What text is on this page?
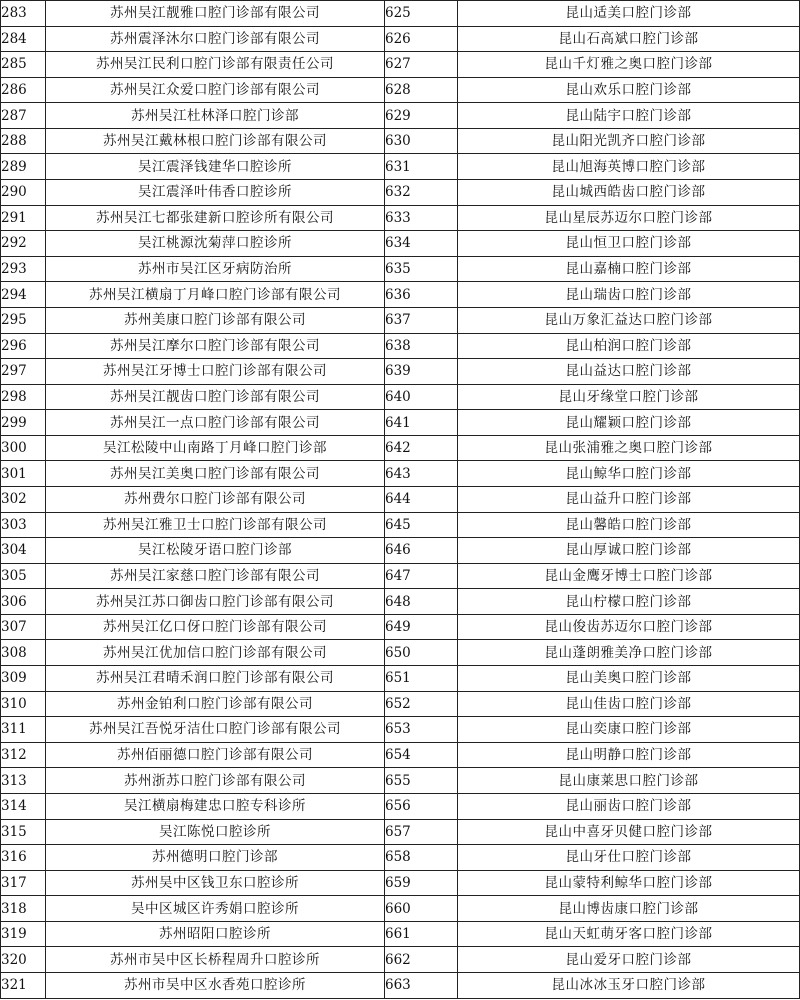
283	苏州吴江靓雅口腔门诊部有限公司	625	昆山适美口腔门诊部
284	苏州震泽沐尔口腔门诊部有限公司	626	昆山石高斌口腔门诊部
285	苏州吴江民利口腔门诊部有限责任公司	627	昆山千灯雅之奥口腔门诊部
286	苏州吴江众爱口腔门诊部有限公司	628	昆山欢乐口腔门诊部
287	苏州吴江杜林泽口腔门诊部	629	昆山陆宇口腔门诊部
288	苏州吴江戴林根口腔门诊部有限公司	630	昆山阳光凯齐口腔门诊部
289	吴江震泽钱建华口腔诊所	631	昆山旭海英博口腔门诊部
290	吴江震泽叶伟香口腔诊所	632	昆山城西皓齿口腔门诊部
291	苏州吴江七都张建新口腔诊所有限公司	633	昆山星辰苏迈尔口腔门诊部
292	吴江桃源沈菊萍口腔诊所	634	昆山恒卫口腔门诊部
293	苏州市吴江区牙病防治所	635	昆山嘉楠口腔门诊部
294	苏州吴江横扇丁月峰口腔门诊部有限公司	636	昆山瑞齿口腔门诊部
295	苏州美康口腔门诊部有限公司	637	昆山万象汇益达口腔门诊部
296	苏州吴江摩尔口腔门诊部有限公司	638	昆山柏润口腔门诊部
297	苏州吴江牙博士口腔门诊部有限公司	639	昆山益达口腔门诊部
298	苏州吴江靓齿口腔门诊部有限公司	640	昆山牙缘堂口腔门诊部
299	苏州吴江一点口腔门诊部有限公司	641	昆山耀颖口腔门诊部
300	吴江松陵中山南路丁月峰口腔门诊部	642	昆山张浦雅之奥口腔门诊部
301	苏州吴江美奥口腔门诊部有限公司	643	昆山鲸华口腔门诊部
302	苏州费尔口腔门诊部有限公司	644	昆山益升口腔门诊部
303	苏州吴江雅卫士口腔门诊部有限公司	645	昆山馨皓口腔门诊部
304	吴江松陵牙语口腔门诊部	646	昆山厚诚口腔门诊部
305	苏州吴江家慈口腔门诊部有限公司	647	昆山金鹰牙博士口腔门诊部
306	苏州吴江苏口御齿口腔门诊部有限公司	648	昆山柠檬口腔门诊部
307	苏州吴江亿口伢口腔门诊部有限公司	649	昆山俊齿苏迈尔口腔门诊部
308	苏州吴江优加信口腔门诊部有限公司	650	昆山蓬朗雅美净口腔门诊部
309	苏州吴江君晴禾润口腔门诊部有限公司	651	昆山美奥口腔门诊部
310	苏州金铂利口腔门诊部有限公司	652	昆山佳齿口腔门诊部
311	苏州吴江吾悦牙洁仕口腔门诊部有限公司	653	昆山奕康口腔门诊部
312	苏州佰丽德口腔门诊部有限公司	654	昆山明静口腔门诊部
313	苏州浙苏口腔门诊部有限公司	655	昆山康莱思口腔门诊部
314	吴江横扇梅建忠口腔专科诊所	656	昆山丽齿口腔门诊部
315	吴江陈悦口腔诊所	657	昆山中喜牙贝健口腔门诊部
316	苏州德明口腔门诊部	658	昆山牙仕口腔门诊部
317	苏州吴中区钱卫东口腔诊所	659	昆山蒙特利鲸华口腔门诊部
318	吴中区城区许秀娟口腔诊所	660	昆山博齿康口腔门诊部
319	苏州昭阳口腔诊所	661	昆山天虹萌牙客口腔门诊部
320	苏州市吴中区长桥程周升口腔诊所	662	昆山爱牙口腔门诊部
321	苏州市吴中区水香苑口腔诊所	663	昆山冰冰玉牙口腔门诊部
